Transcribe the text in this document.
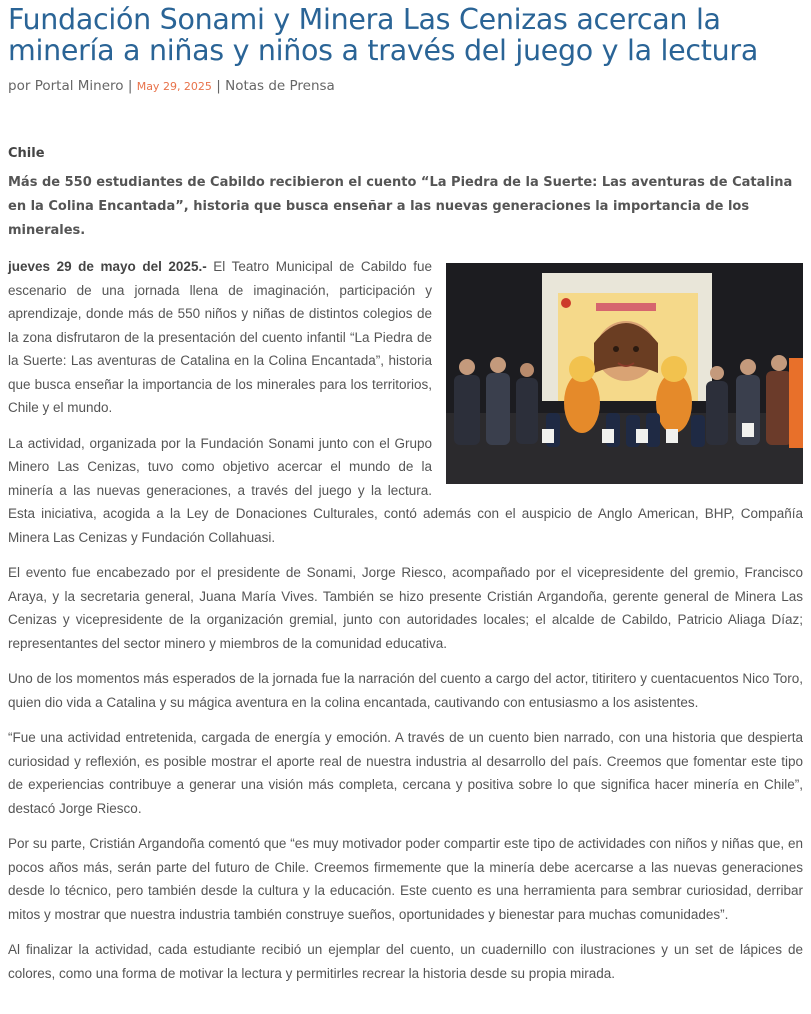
Fundación Sonami y Minera Las Cenizas acercan la minería a niñas y niños a través del juego y la lectura
por Portal Minero | May 29, 2025 | Notas de Prensa
Chile
Más de 550 estudiantes de Cabildo recibieron el cuento “La Piedra de la Suerte: Las aventuras de Catalina en la Colina Encantada”, historia que busca enseñar a las nuevas generaciones la importancia de los minerales.

jueves 29 de mayo del 2025.- El Teatro Municipal de Cabildo fue escenario de una jornada llena de imaginación, participación y aprendizaje, donde más de 550 niños y niñas de distintos colegios de la zona disfrutaron de la presentación del cuento infantil “La Piedra de la Suerte: Las aventuras de Catalina en la Colina Encantada”, historia que busca enseñar la importancia de los minerales para los territorios, Chile y el mundo.

La actividad, organizada por la Fundación Sonami junto con el Grupo Minero Las Cenizas, tuvo como objetivo acercar el mundo de la minería a las nuevas generaciones, a través del juego y la lectura. Esta iniciativa, acogida a la Ley de Donaciones Culturales, contó además con el auspicio de Anglo American, BHP, Compañía Minera Las Cenizas y Fundación Collahuasi.

El evento fue encabezado por el presidente de Sonami, Jorge Riesco, acompañado por el vicepresidente del gremio, Francisco Araya, y la secretaria general, Juana María Vives. También se hizo presente Cristián Argandoña, gerente general de Minera Las Cenizas y vicepresidente de la organización gremial, junto con autoridades locales; el alcalde de Cabildo, Patricio Aliaga Díaz; representantes del sector minero y miembros de la comunidad educativa.

Uno de los momentos más esperados de la jornada fue la narración del cuento a cargo del actor, titiritero y cuentacuentos Nico Toro, quien dio vida a Catalina y su mágica aventura en la colina encantada, cautivando con entusiasmo a los asistentes.

“Fue una actividad entretenida, cargada de energía y emoción. A través de un cuento bien narrado, con una historia que despierta curiosidad y reflexión, es posible mostrar el aporte real de nuestra industria al desarrollo del país. Creemos que fomentar este tipo de experiencias contribuye a generar una visión más completa, cercana y positiva sobre lo que significa hacer minería en Chile”, destacó Jorge Riesco.

Por su parte, Cristián Argandoña comentó que “es muy motivador poder compartir este tipo de actividades con niños y niñas que, en pocos años más, serán parte del futuro de Chile. Creemos firmemente que la minería debe acercarse a las nuevas generaciones desde lo técnico, pero también desde la cultura y la educación. Este cuento es una herramienta para sembrar curiosidad, derribar mitos y mostrar que nuestra industria también construye sueños, oportunidades y bienestar para muchas comunidades”.

Al finalizar la actividad, cada estudiante recibió un ejemplar del cuento, un cuadernillo con ilustraciones y un set de lápices de colores, como una forma de motivar la lectura y permitirles recrear la historia desde su propia mirada.
